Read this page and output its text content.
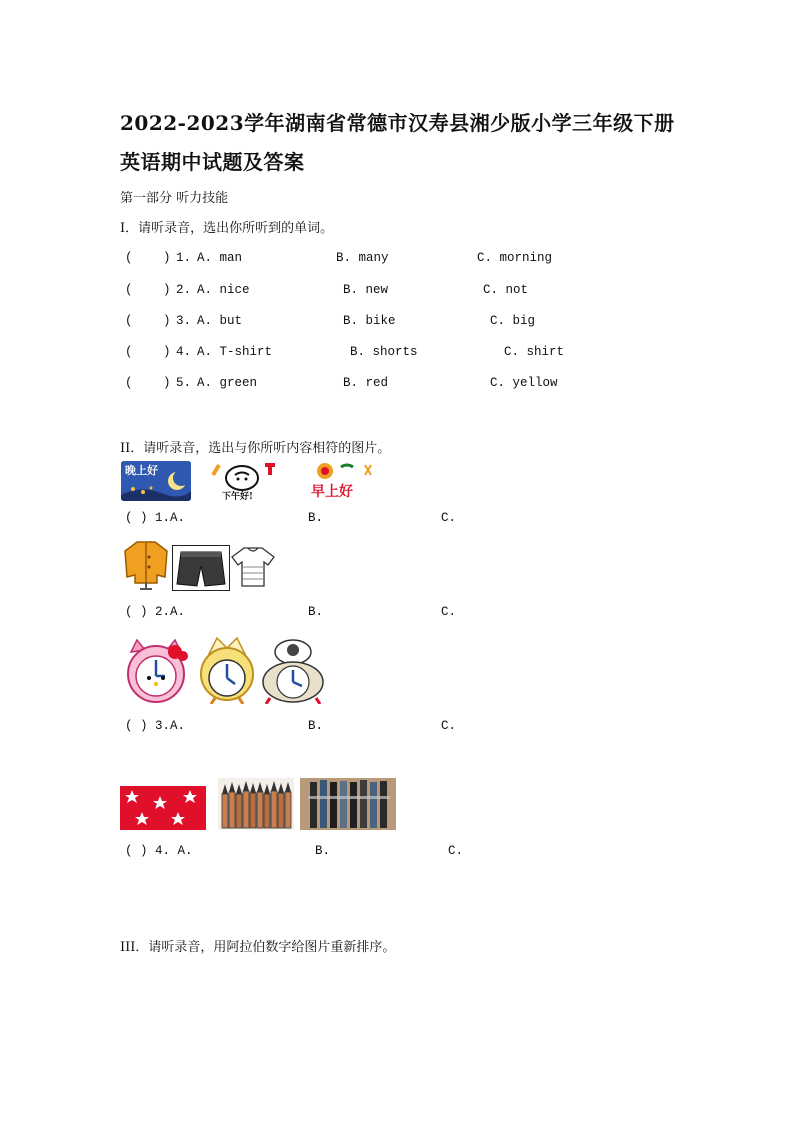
2022-2023学年湖南省常德市汉寿县湘少版小学三年级下册
英语期中试题及答案
第一部分 听力技能
I．请听录音，选出你所听到的单词。
( ) 1. A. man	B. many	C. morning
( ) 2. A. nice	B. new	C. not
( ) 3. A. but	B. bike	C. big
( ) 4. A. T-shirt	B. shorts	C. shirt
( ) 5. A. green	B. red	C. yellow
II．请听录音，选出与你所听内容相符的图片。
晚上好
下午好!	早上好
( ) 1.A.	B.	C.
( ) 2.A.	B.	C.
( ) 3.A.	B.	C.
( ) 4. A.	B.	C.
III．请听录音，用阿拉伯数字给图片重新排序。
